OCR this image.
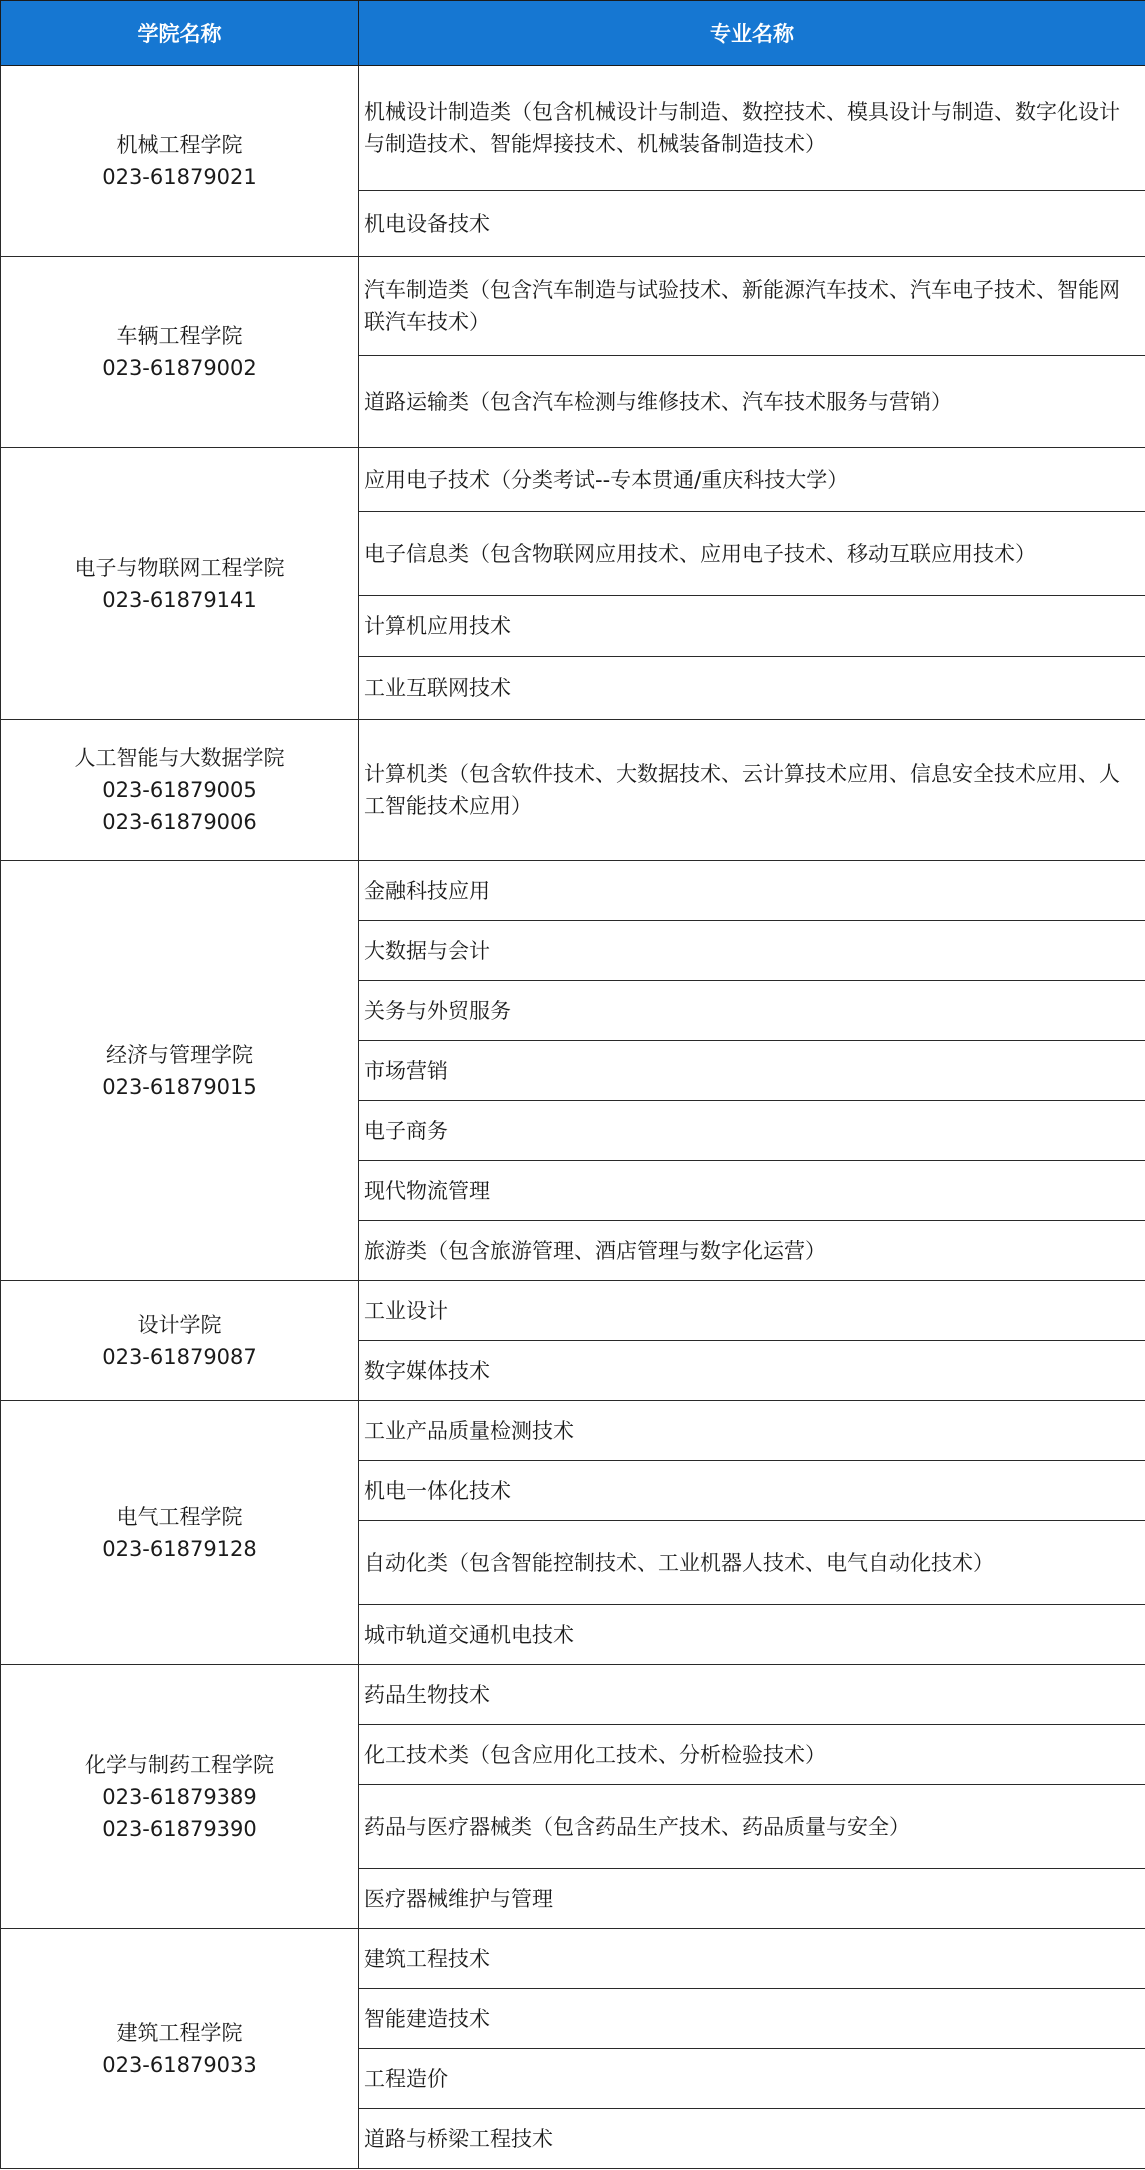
学院名称	专业名称

机械工程学院
023-61879021	机械设计制造类（包含机械设计与制造、数控技术、模具设计与制造、数字化设计与制造技术、智能焊接技术、机械装备制造技术）
	机电设备技术

车辆工程学院
023-61879002	汽车制造类（包含汽车制造与试验技术、新能源汽车技术、汽车电子技术、智能网联汽车技术）
	道路运输类（包含汽车检测与维修技术、汽车技术服务与营销）

电子与物联网工程学院
023-61879141	应用电子技术（分类考试--专本贯通/重庆科技大学）
	电子信息类（包含物联网应用技术、应用电子技术、移动互联应用技术）
	计算机应用技术
	工业互联网技术

人工智能与大数据学院
023-61879005
023-61879006	计算机类（包含软件技术、大数据技术、云计算技术应用、信息安全技术应用、人工智能技术应用）

经济与管理学院
023-61879015	金融科技应用
	大数据与会计
	关务与外贸服务
	市场营销
	电子商务
	现代物流管理
	旅游类（包含旅游管理、酒店管理与数字化运营）

设计学院
023-61879087	工业设计
	数字媒体技术

电气工程学院
023-61879128	工业产品质量检测技术
	机电一体化技术
	自动化类（包含智能控制技术、工业机器人技术、电气自动化技术）
	城市轨道交通机电技术

化学与制药工程学院
023-61879389
023-61879390	药品生物技术
	化工技术类（包含应用化工技术、分析检验技术）
	药品与医疗器械类（包含药品生产技术、药品质量与安全）
	医疗器械维护与管理

建筑工程学院
023-61879033	建筑工程技术
	智能建造技术
	工程造价
	道路与桥梁工程技术
